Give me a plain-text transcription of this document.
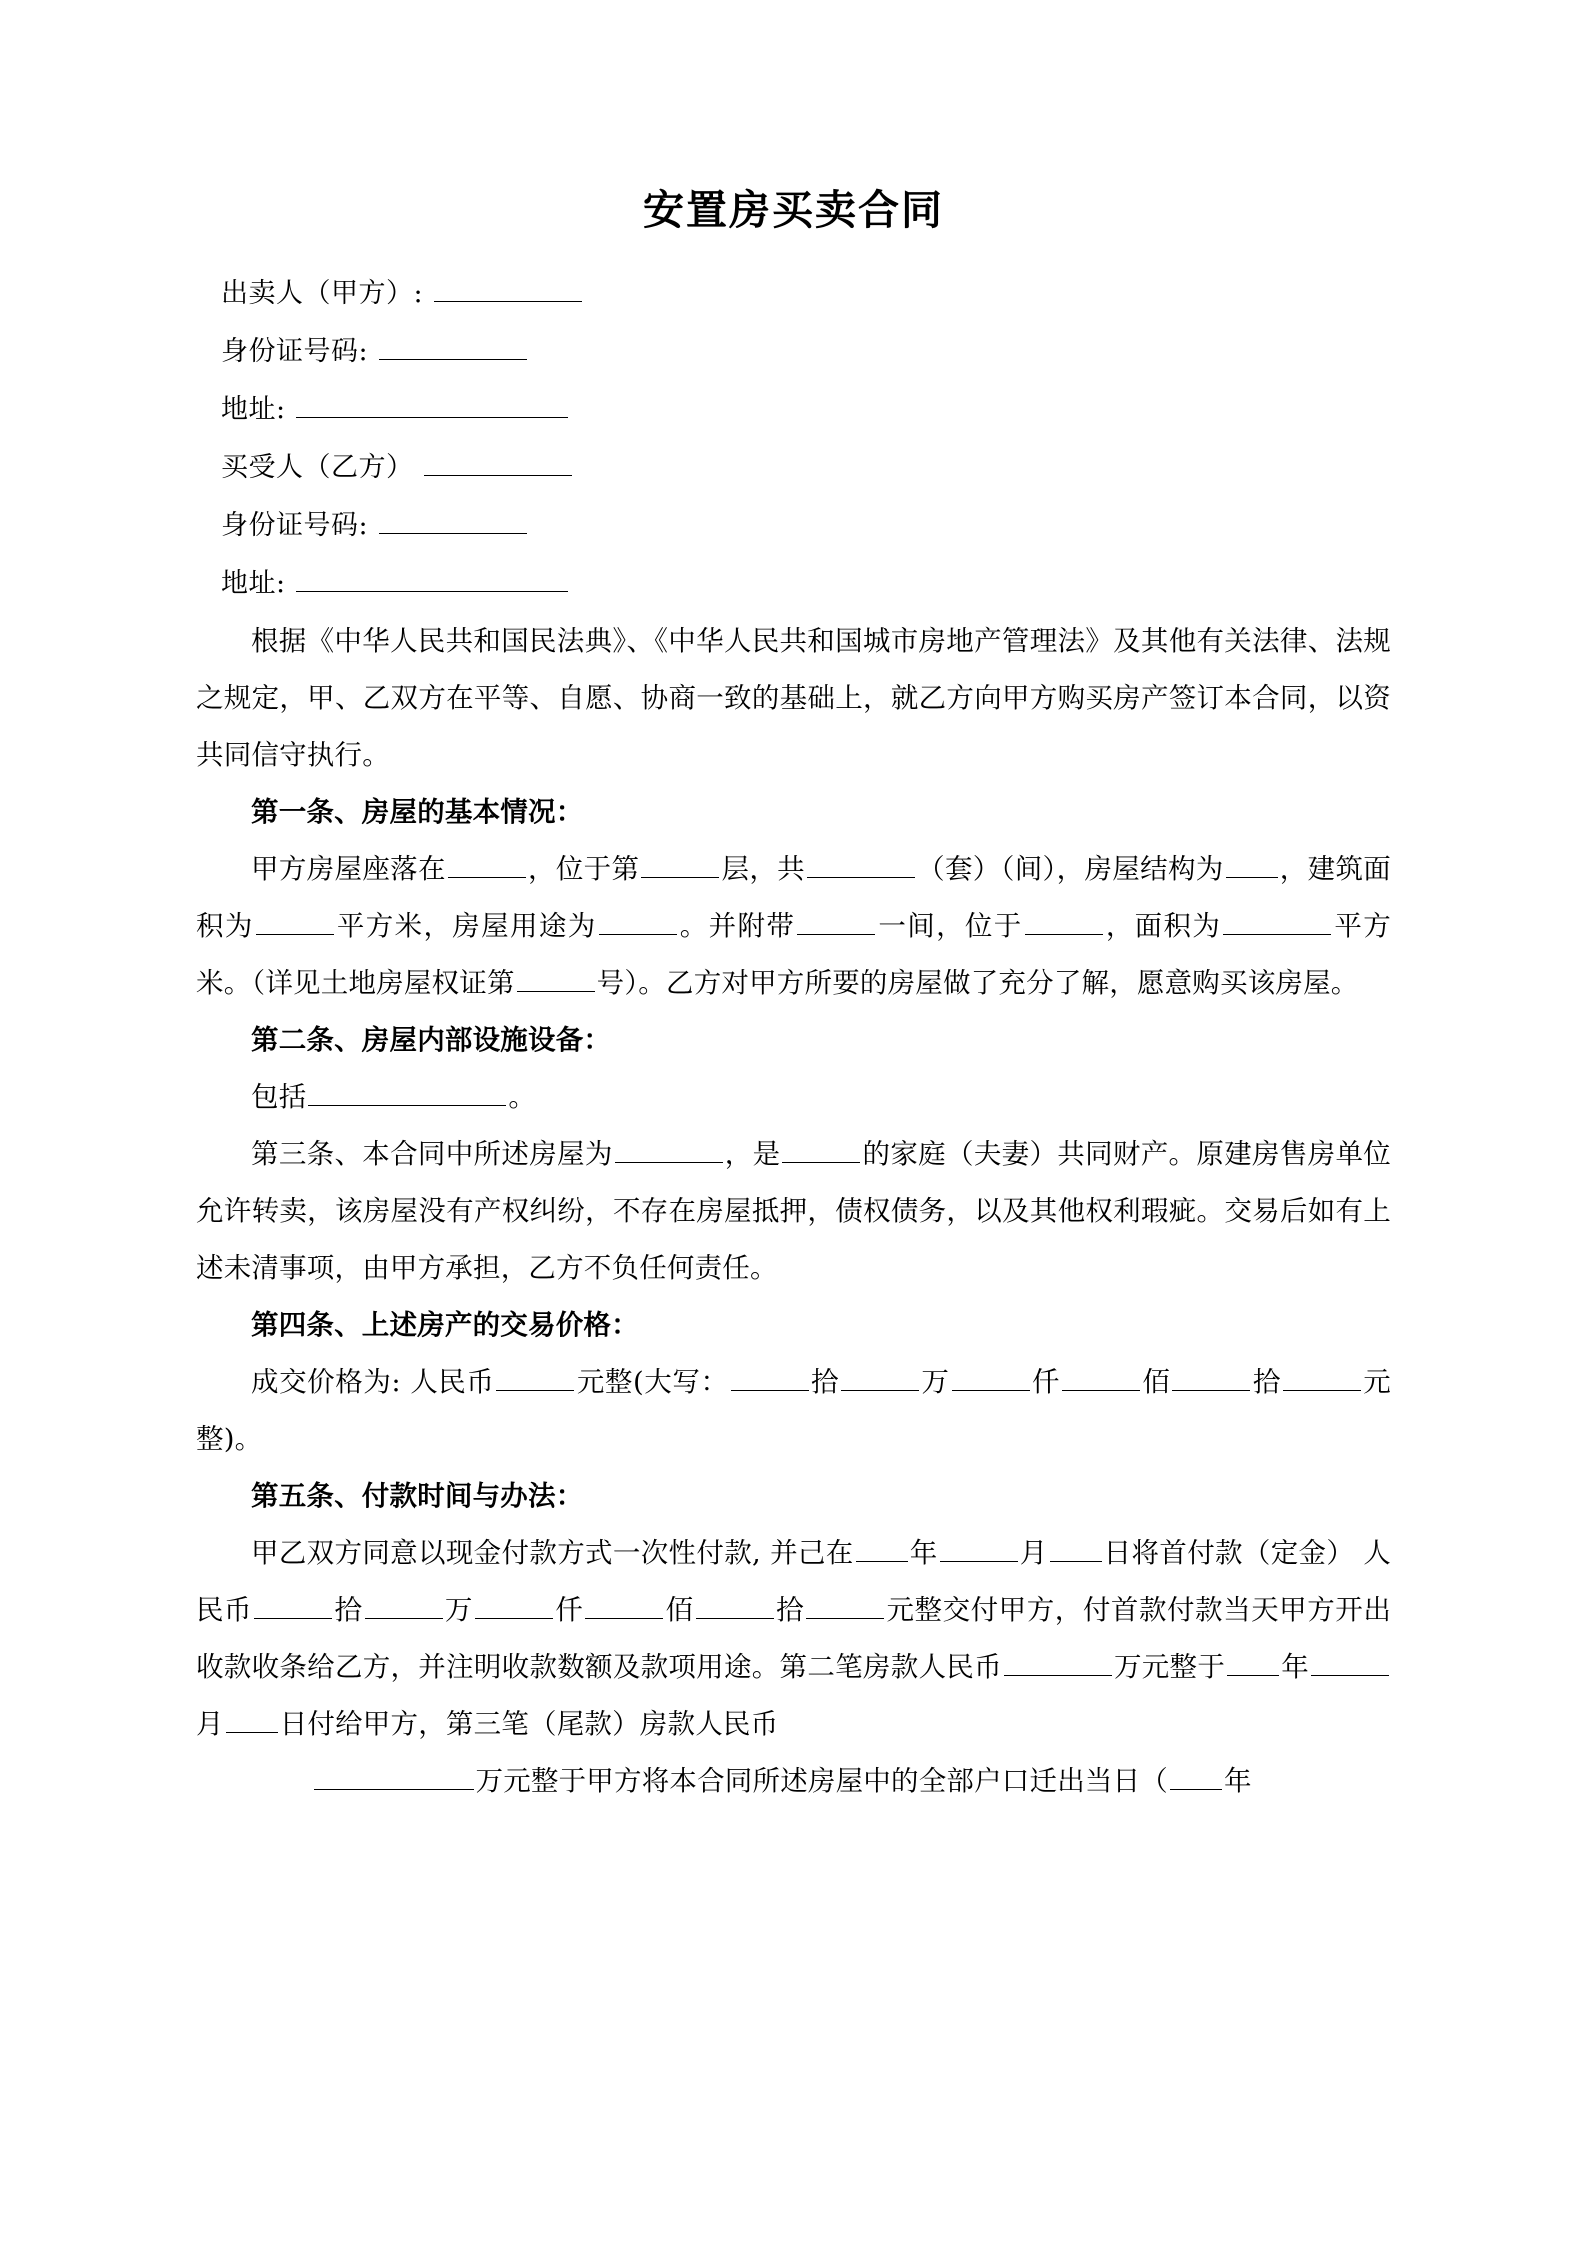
安置房买卖合同
出卖人（甲方）:
身份证号码:
地址:
买受人（乙方）
身份证号码:
地址:

根据《中华人民共和国民法典》、《中华人民共和国城市房地产管理法》及其他有关法律、法规之规定，甲、乙双方在平等、自愿、协商一致的基础上，就乙方向甲方购买房产签订本合同，以资共同信守执行。

第一条、房屋的基本情况：

甲方房屋座落在	，位于第	层，共	（套）（间），房屋结构为 ，建筑面积为	平方米，房屋用途为	。并附带	一间，位于	，面积为	平方米。（详见土地房屋权证第	号）。乙方对甲方所要的房屋做了充分了解，愿意购买该房屋。

第二条、房屋内部设施设备：

包括	。

第三条、本合同中所述房屋为	，是	的家庭（夫妻）共同财产。原建房售房单位允许转卖，该房屋没有产权纠纷，不存在房屋抵押，债权债务，以及其他权利瑕疵。交易后如有上述未清事项，由甲方承担，乙方不负任何责任。

第四条、上述房产的交易价格：

成交价格为: 人民币	元整(大写：	拾	万	仟	佰	拾	元整)。

第五条、付款时间与办法：

甲乙双方同意以现金付款方式一次性付款, 并己在 年	月 日将首付款（定金） 人民币	拾	万	仟	佰	拾	元整交付甲方，付首款付款当天甲方开出收款收条给乙方，并注明收款数额及款项用途。第二笔房款人民币	万元整于 年月 日付给甲方，第三笔（尾款）房款人民币

万元整于甲方将本合同所述房屋中的全部户口迁出当日（ 年
